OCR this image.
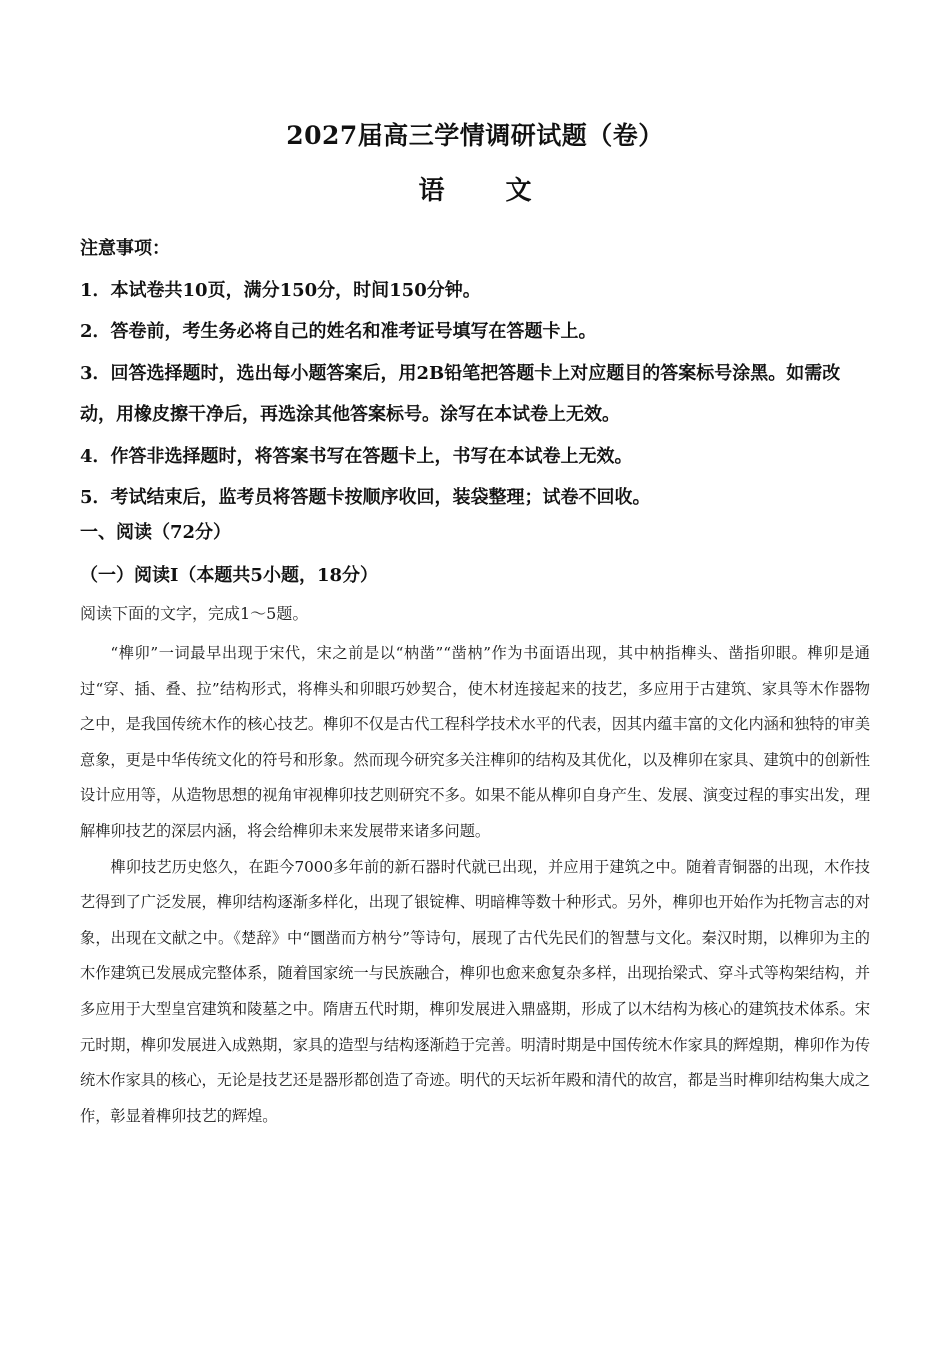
2027届高三学情调研试题（卷）
语 文
注意事项：
1．本试卷共10页，满分150分，时间150分钟。
2．答卷前，考生务必将自己的姓名和准考证号填写在答题卡上。
3．回答选择题时，选出每小题答案后，用2B铅笔把答题卡上对应题目的答案标号涂黑。如需改动，用橡皮擦干净后，再选涂其他答案标号。涂写在本试卷上无效。
4．作答非选择题时，将答案书写在答题卡上，书写在本试卷上无效。
5．考试结束后，监考员将答题卡按顺序收回，装袋整理；试卷不回收。
一、阅读（72分）
（一）阅读Ⅰ（本题共5小题，18分）
阅读下面的文字，完成1～5题。

“榫卯”一词最早出现于宋代，宋之前是以“枘凿”“凿枘”作为书面语出现，其中枘指榫头、凿指卯眼。榫卯是通过“穿、插、叠、拉”结构形式，将榫头和卯眼巧妙契合，使木材连接起来的技艺，多应用于古建筑、家具等木作器物之中，是我国传统木作的核心技艺。榫卯不仅是古代工程科学技术水平的代表，因其内蕴丰富的文化内涵和独特的审美意象，更是中华传统文化的符号和形象。然而现今研究多关注榫卯的结构及其优化，以及榫卯在家具、建筑中的创新性设计应用等，从造物思想的视角审视榫卯技艺则研究不多。如果不能从榫卯自身产生、发展、演变过程的事实出发，理解榫卯技艺的深层内涵，将会给榫卯未来发展带来诸多问题。

榫卯技艺历史悠久，在距今7000多年前的新石器时代就已出现，并应用于建筑之中。随着青铜器的出现，木作技艺得到了广泛发展，榫卯结构逐渐多样化，出现了银锭榫、明暗榫等数十种形式。另外，榫卯也开始作为托物言志的对象，出现在文献之中。《楚辞》中“圜凿而方枘兮”等诗句，展现了古代先民们的智慧与文化。秦汉时期，以榫卯为主的木作建筑已发展成完整体系，随着国家统一与民族融合，榫卯也愈来愈复杂多样，出现抬梁式、穿斗式等构架结构，并多应用于大型皇宫建筑和陵墓之中。隋唐五代时期，榫卯发展进入鼎盛期，形成了以木结构为核心的建筑技术体系。宋元时期，榫卯发展进入成熟期，家具的造型与结构逐渐趋于完善。明清时期是中国传统木作家具的辉煌期，榫卯作为传统木作家具的核心，无论是技艺还是器形都创造了奇迹。明代的天坛祈年殿和清代的故宫，都是当时榫卯结构集大成之作，彰显着榫卯技艺的辉煌。
